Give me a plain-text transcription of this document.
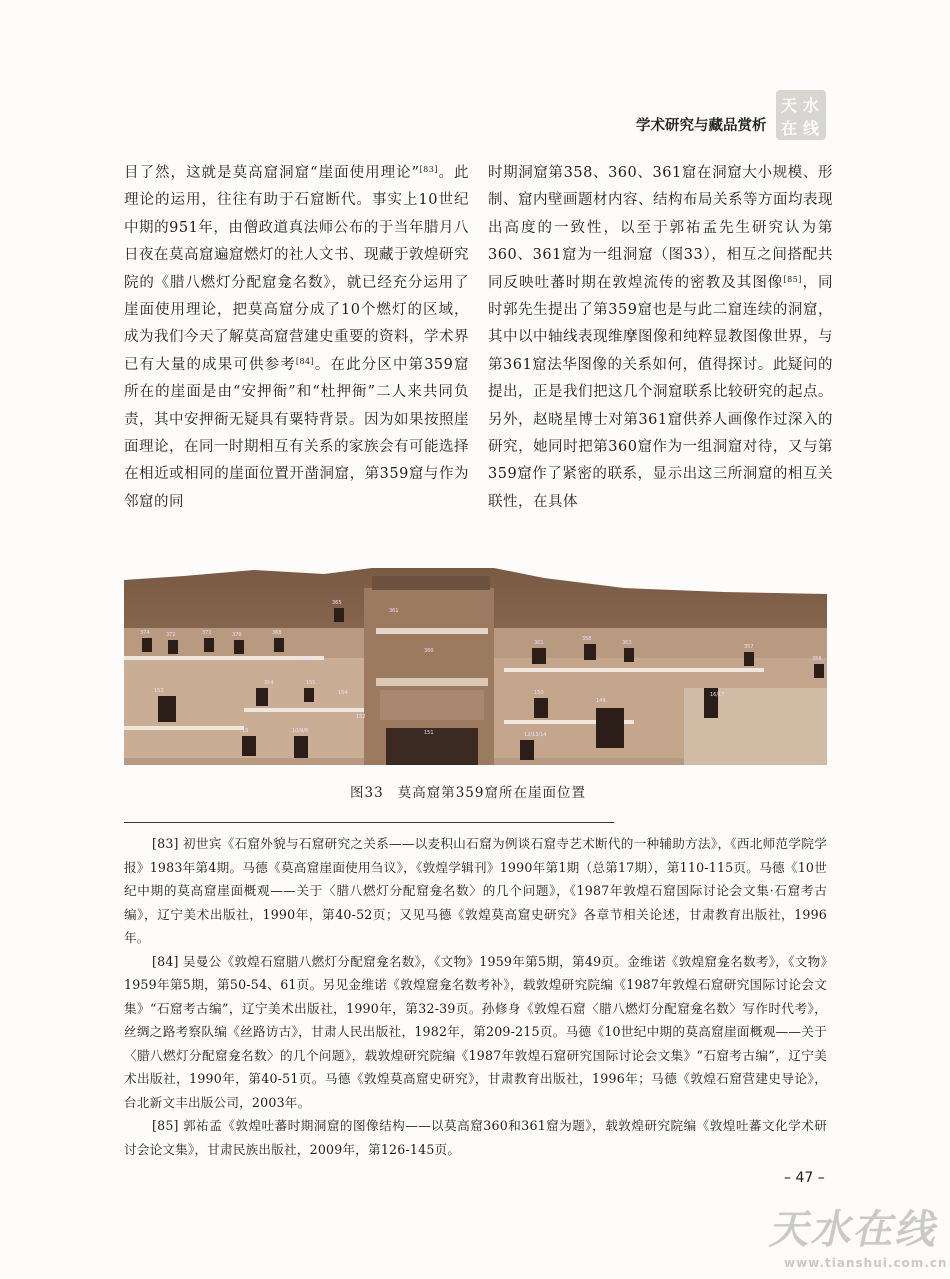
学术研究与藏品赏析
天 水
在 线

目了然，这就是莫高窟洞窟“崖面使用理论”[83]。此理论的运用，往往有助于石窟断代。事实上10世纪中期的951年，由僧政道真法师公布的于当年腊月八日夜在莫高窟遍窟燃灯的社人文书、现藏于敦煌研究院的《腊八燃灯分配窟龛名数》，就已经充分运用了崖面使用理论，把莫高窟分成了10个燃灯的区域，成为我们今天了解莫高窟营建史重要的资料，学术界已有大量的成果可供参考[84]。在此分区中第359窟所在的崖面是由“安押衙”和“杜押衙”二人来共同负责，其中安押衙无疑具有粟特背景。因为如果按照崖面理论，在同一时期相互有关系的家族会有可能选择在相近或相同的崖面位置开凿洞窟，第359窟与作为邻窟的同

时期洞窟第358、360、361窟在洞窟大小规模、形制、窟内壁画题材内容、结构布局关系等方面均表现出高度的一致性，以至于郭祐孟先生研究认为第360、361窟为一组洞窟（图33），相互之间搭配共同反映吐蕃时期在敦煌流传的密教及其图像[85]，同时郭先生提出了第359窟也是与此二窟连续的洞窟，其中以中轴线表现维摩图像和纯粹显教图像世界，与第361窟法华图像的关系如何，值得探讨。此疑问的提出，正是我们把这几个洞窟联系比较研究的起点。另外，赵晓星博士对第361窟供养人画像作过深入的研究，她同时把第360窟作为一组洞窟对待，又与第359窟作了紧密的联系，显示出这三所洞窟的相互关联性，在具体

374	372	371	370	368
365
366
361
360
361
358
363
357
356
354	155
154
153
152
151
150
149
16/17
12/13/14
10/9/8
19
图33 莫高窟第359窟所在崖面位置

[83] 初世宾《石窟外貌与石窟研究之关系——以麦积山石窟为例谈石窟寺艺术断代的一种辅助方法》，《西北师范学院学报》1983年第4期。马德《莫高窟崖面使用刍议》，《敦煌学辑刊》1990年第1期（总第17期），第110-115页。马德《10世纪中期的莫高窟崖面概观——关于〈腊八燃灯分配窟龛名数〉的几个问题》，《1987年敦煌石窟国际讨论会文集·石窟考古编》，辽宁美术出版社，1990年，第40-52页；又见马德《敦煌莫高窟史研究》各章节相关论述，甘肃教育出版社，1996年。

[84] 吴曼公《敦煌石窟腊八燃灯分配窟龛名数》，《文物》1959年第5期，第49页。金维诺《敦煌窟龛名数考》，《文物》1959年第5期，第50-54、61页。另见金维诺《敦煌窟龛名数考补》，载敦煌研究院编《1987年敦煌石窟研究国际讨论会文集》“石窟考古编”，辽宁美术出版社，1990年，第32-39页。孙修身《敦煌石窟〈腊八燃灯分配窟龛名数〉写作时代考》，丝绸之路考察队编《丝路访古》，甘肃人民出版社，1982年，第209-215页。马德《10世纪中期的莫高窟崖面概观——关于〈腊八燃灯分配窟龛名数〉的几个问题》，载敦煌研究院编《1987年敦煌石窟研究国际讨论会文集》“石窟考古编”，辽宁美术出版社，1990年，第40-51页。马德《敦煌莫高窟史研究》，甘肃教育出版社，1996年；马德《敦煌石窟营建史导论》，台北新文丰出版公司，2003年。

[85] 郭祐孟《敦煌吐蕃时期洞窟的图像结构——以莫高窟360和361窟为题》，载敦煌研究院编《敦煌吐蕃文化学术研讨会论文集》，甘肃民族出版社，2009年，第126-145页。

– 47 –
天水在线
www.tianshui.com.cn
